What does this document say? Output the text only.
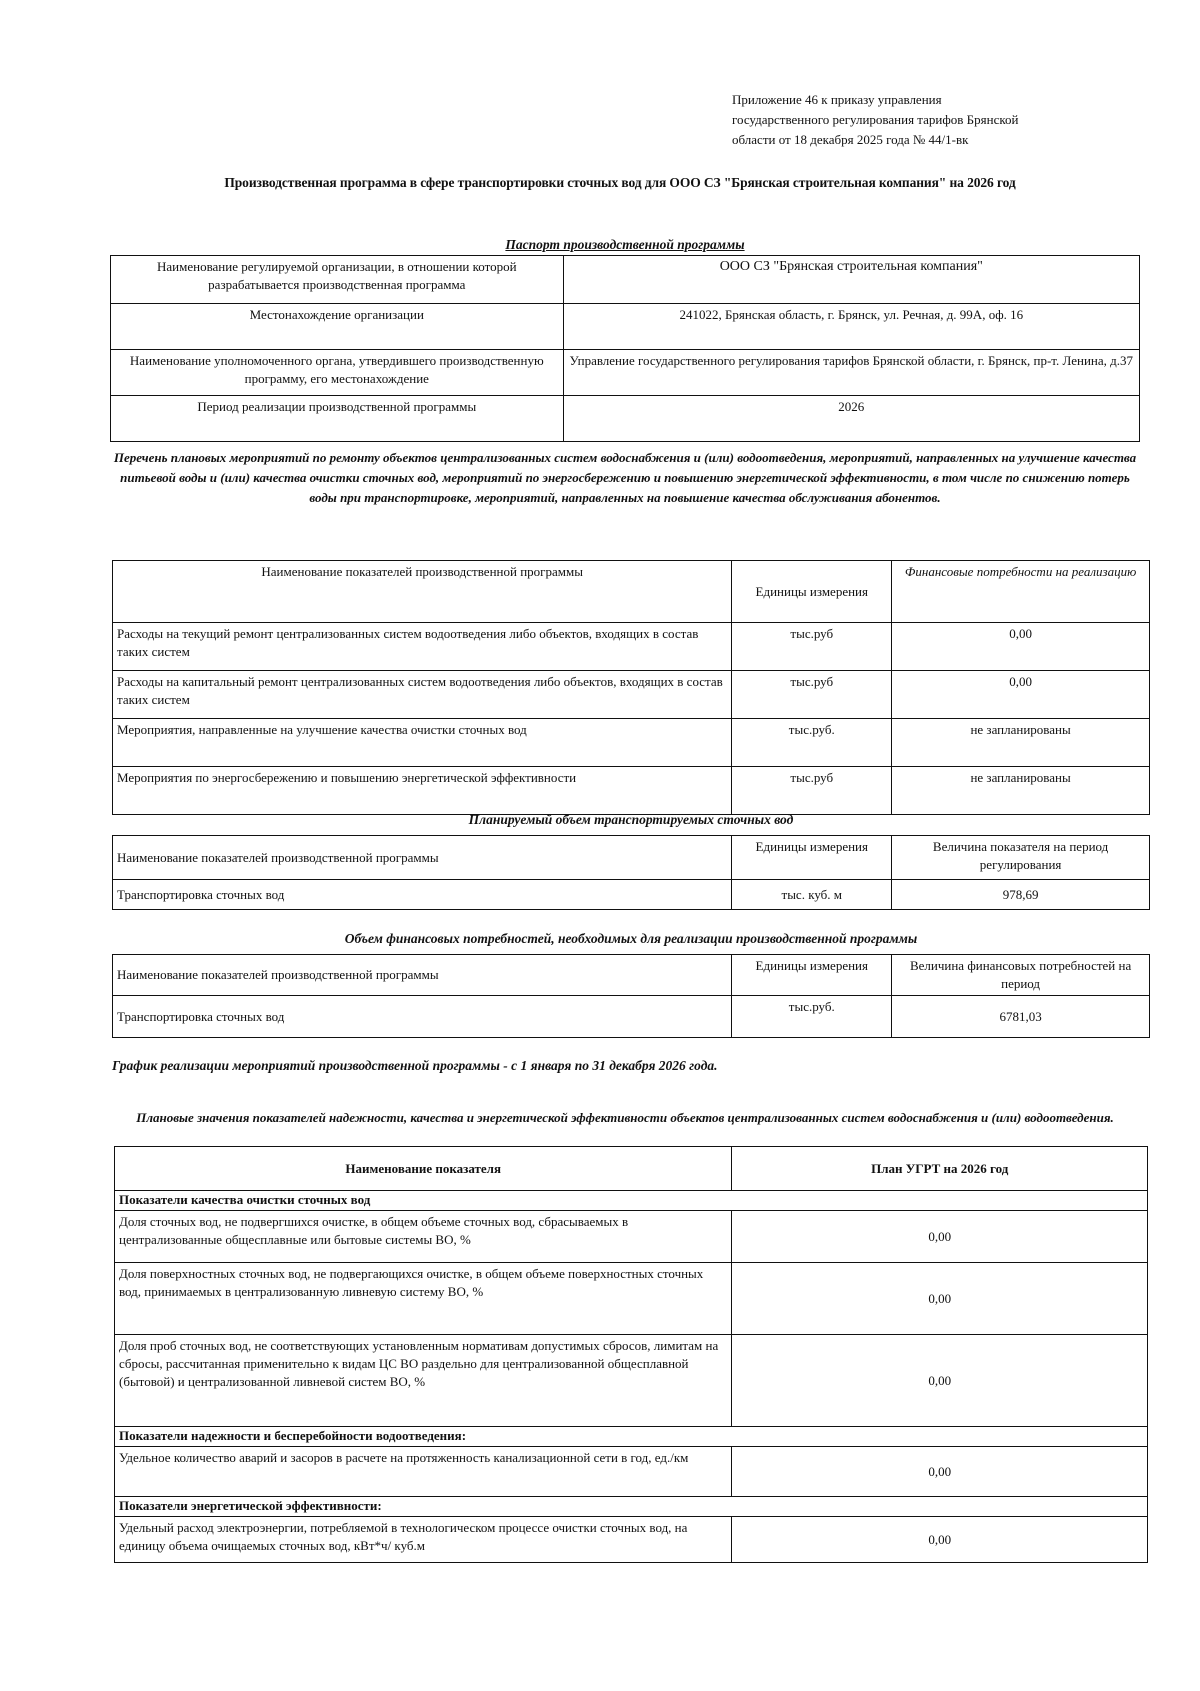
Приложение 46 к приказу управления
государственного регулирования тарифов Брянской
области от 18 декабря 2025 года № 44/1-вк
Производственная программа в сфере транспортировки сточных вод для ООО СЗ "Брянская строительная компания" на 2026 год
Паспорт производственной программы
Наименование регулируемой организации, в отношении которой разрабатывается производственная программа	ООО СЗ "Брянская строительная компания"
Местонахождение организации	241022, Брянская область, г. Брянск, ул. Речная, д. 99А, оф. 16
Наименование уполномоченного органа, утвердившего производственную программу, его местонахождение	Управление государственного регулирования тарифов Брянской области, г. Брянск, пр-т. Ленина, д.37
Период реализации производственной программы	2026
Перечень плановых мероприятий по ремонту объектов централизованных систем водоснабжения и (или) водоотведения, мероприятий, направленных на улучшение качества питьевой воды и (или) качества очистки сточных вод, мероприятий по энергосбережению и повышению энергетической эффективности, в том числе по снижению потерь воды при транспортировке, мероприятий, направленных на повышение качества обслуживания абонентов.
Наименование показателей производственной программы	Единицы измерения	Финансовые потребности на реализацию
Расходы на текущий ремонт централизованных систем водоотведения либо объектов, входящих в состав таких систем	тыс.руб	0,00
Расходы на капитальный ремонт централизованных систем водоотведения либо объектов, входящих в состав таких систем	тыс.руб	0,00
Мероприятия, направленные на улучшение качества очистки сточных вод	тыс.руб.	не запланированы
Мероприятия по энергосбережению и повышению энергетической эффективности	тыс.руб	не запланированы
Планируемый объем транспортируемых сточных вод
Наименование показателей производственной программы	Единицы измерения	Величина показателя на период регулирования
Транспортировка сточных вод	тыс. куб. м	978,69
Объем финансовых потребностей, необходимых для реализации производственной программы
Наименование показателей производственной программы	Единицы измерения	Величина финансовых потребностей на период
Транспортировка сточных вод	тыс.руб.	6781,03
График реализации мероприятий производственной программы - с 1 января по 31 декабря 2026 года.
Плановые значения показателей надежности, качества и энергетической эффективности объектов централизованных систем водоснабжения и (или) водоотведения.
Наименование показателя	План УГРТ на 2026 год
Показатели качества очистки сточных вод	
Доля сточных вод, не подвергшихся очистке, в общем объеме сточных вод, сбрасываемых в централизованные общесплавные или бытовые системы ВО, %	0,00
Доля поверхностных сточных вод, не подвергающихся очистке, в общем объеме поверхностных сточных вод, принимаемых в централизованную ливневую систему ВО, %	0,00
Доля проб сточных вод, не соответствующих установленным нормативам допустимых сбросов, лимитам на сбросы, рассчитанная применительно к видам ЦС ВО раздельно для централизованной общесплавной (бытовой) и централизованной ливневой систем ВО, %	0,00
Показатели надежности и бесперебойности водоотведения:	
Удельное количество аварий и засоров в расчете на протяженность канализационной сети в год, ед./км	0,00
Показатели энергетической эффективности:	
Удельный расход электроэнергии, потребляемой в технологическом процессе очистки сточных вод, на единицу объема очищаемых сточных вод, кВт*ч/ куб.м	0,00
